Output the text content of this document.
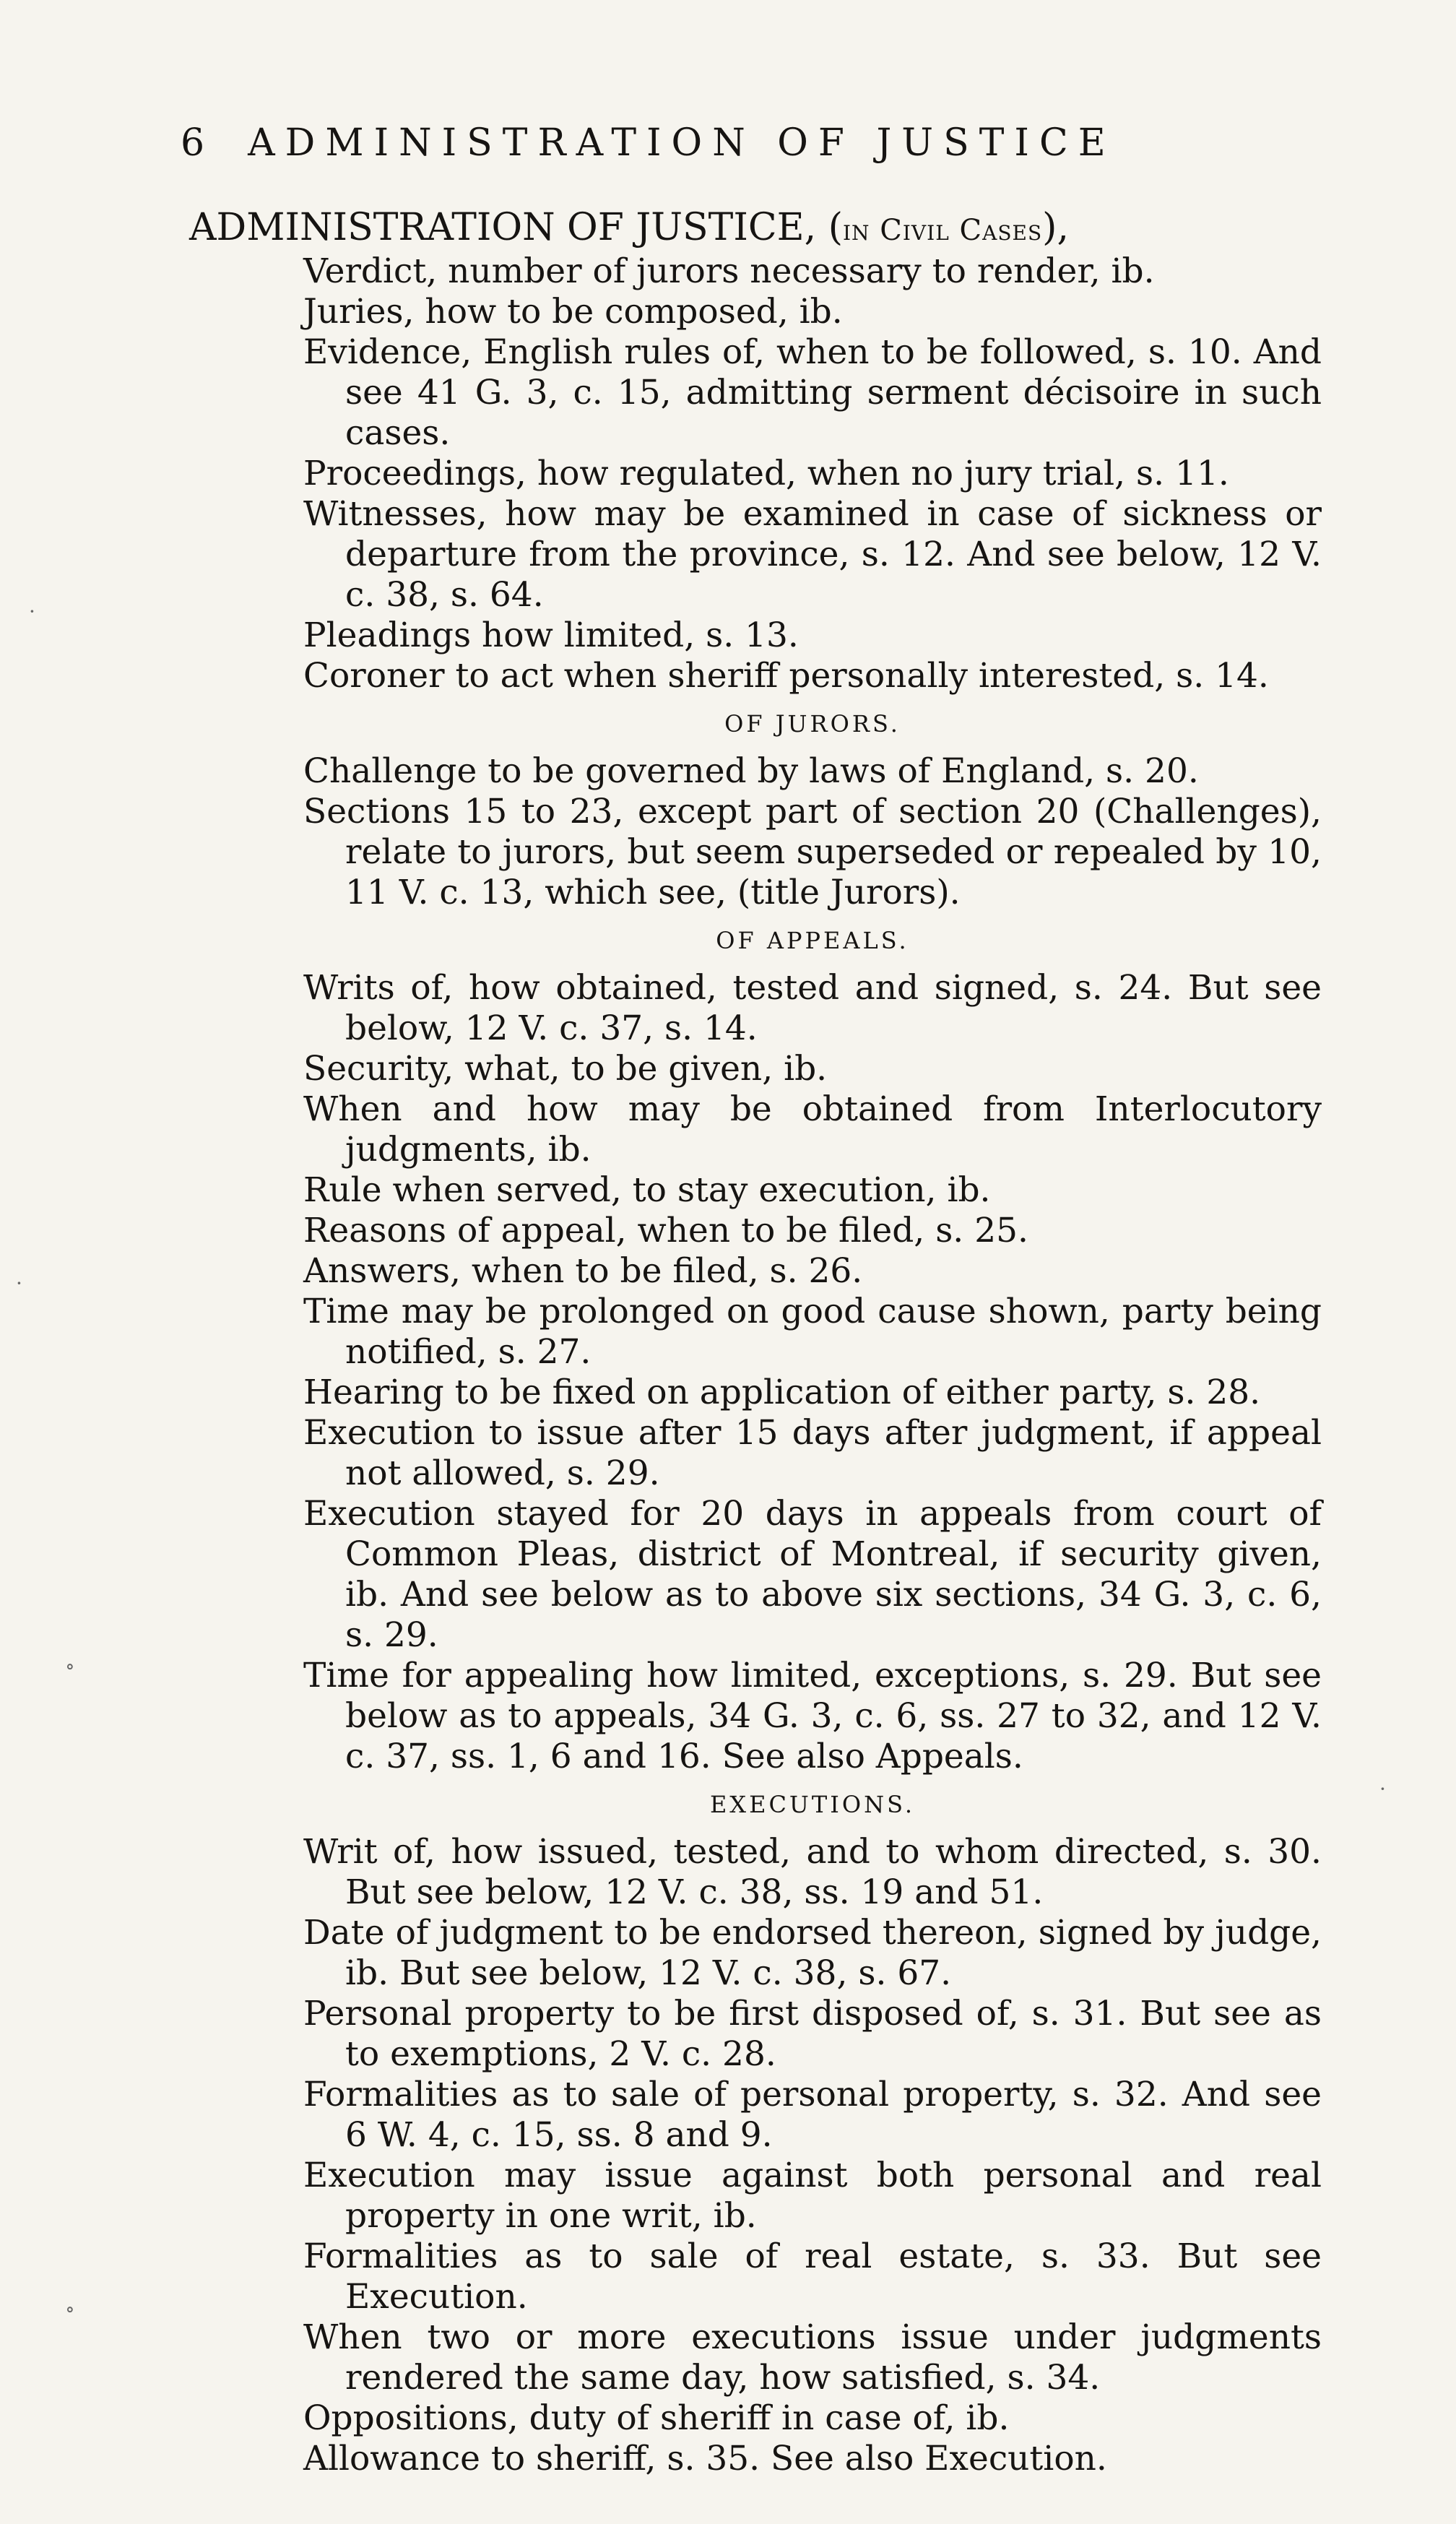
6 ADMINISTRATION OF JUSTICE
ADMINISTRATION OF JUSTICE, (in Civil Cases),

Verdict, number of jurors necessary to render, ib.

Juries, how to be composed, ib.

Evidence, English rules of, when to be followed, s. 10. And see 41 G. 3, c. 15, admitting serment décisoire in such cases.

Proceedings, how regulated, when no jury trial, s. 11.

Witnesses, how may be examined in case of sickness or departure from the province, s. 12. And see below, 12 V. c. 38, s. 64.

Pleadings how limited, s. 13.

Coroner to act when sheriff personally interested, s. 14.

OF JURORS.

Challenge to be governed by laws of England, s. 20.

Sections 15 to 23, except part of section 20 (Challenges), relate to jurors, but seem superseded or repealed by 10, 11 V. c. 13, which see, (title Jurors).

OF APPEALS.

Writs of, how obtained, tested and signed, s. 24. But see below, 12 V. c. 37, s. 14.

Security, what, to be given, ib.

When and how may be obtained from Interlocutory judgments, ib.

Rule when served, to stay execution, ib.

Reasons of appeal, when to be filed, s. 25.

Answers, when to be filed, s. 26.

Time may be prolonged on good cause shown, party being notified, s. 27.

Hearing to be fixed on application of either party, s. 28.

Execution to issue after 15 days after judgment, if appeal not allowed, s. 29.

Execution stayed for 20 days in appeals from court of Common Pleas, district of Montreal, if security given, ib. And see below as to above six sections, 34 G. 3, c. 6, s. 29.

Time for appealing how limited, exceptions, s. 29. But see below as to appeals, 34 G. 3, c. 6, ss. 27 to 32, and 12 V. c. 37, ss. 1, 6 and 16. See also Appeals.

EXECUTIONS.

Writ of, how issued, tested, and to whom directed, s. 30. But see below, 12 V. c. 38, ss. 19 and 51.

Date of judgment to be endorsed thereon, signed by judge, ib. But see below, 12 V. c. 38, s. 67.

Personal property to be first disposed of, s. 31. But see as to exemptions, 2 V. c. 28.

Formalities as to sale of personal property, s. 32. And see 6 W. 4, c. 15, ss. 8 and 9.

Execution may issue against both personal and real property in one writ, ib.

Formalities as to sale of real estate, s. 33. But see Execution.

When two or more executions issue under judgments rendered the same day, how satisfied, s. 34.

Oppositions, duty of sheriff in case of, ib.

Allowance to sheriff, s. 35. See also Execution.

·
·
∘
∘
·
